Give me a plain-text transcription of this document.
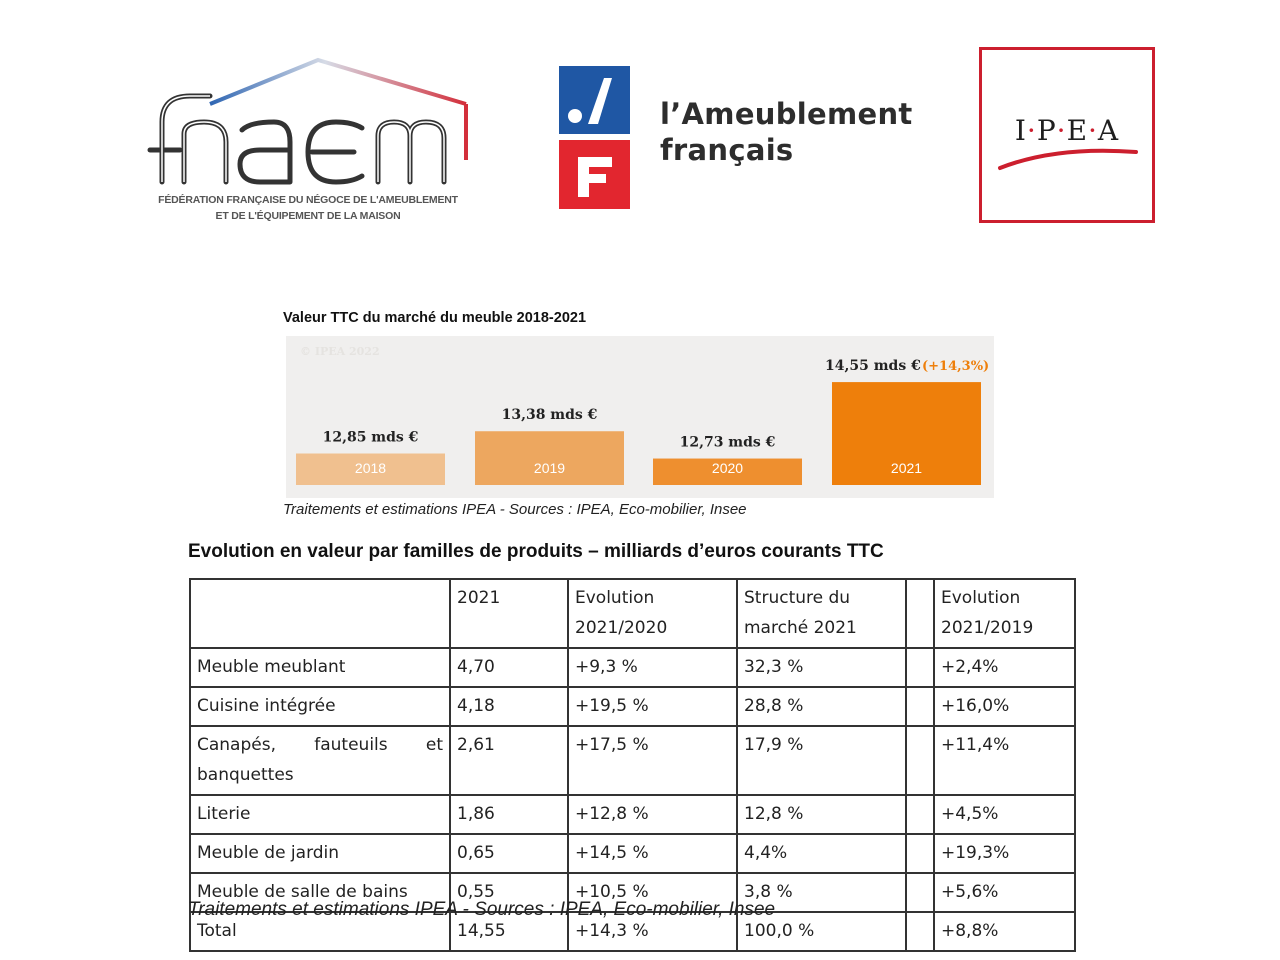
FÉDÉRATION FRANÇAISE DU NÉGOCE DE L'AMEUBLEMENT
ET DE L'ÉQUIPEMENT DE LA MAISON
l’Ameublement
français
I·P·E·A
Valeur TTC du marché du meuble 2018-2021
© IPEA 2022
2018
12,85 mds €
2019
13,38 mds €
2020
12,73 mds €
2021
14,55 mds € (+14,3%)
Traitements et estimations IPEA - Sources : IPEA, Eco-mobilier, Insee
Evolution en valeur par familles de produits – milliards d’euros courants TTC
	2021	Evolution 2021/2020	Structure du marché 2021		Evolution 2021/2019
Meuble meublant	4,70	+9,3 %	32,3 %		+2,4%
Cuisine intégrée	4,18	+19,5 %	28,8 %		+16,0%
Canapés, fauteuils et banquettes	2,61	+17,5 %	17,9 %		+11,4%
Literie	1,86	+12,8 %	12,8 %		+4,5%
Meuble de jardin	0,65	+14,5 %	4,4%		+19,3%
Meuble de salle de bains	0,55	+10,5 %	3,8 %		+5,6%
Total	14,55	+14,3 %	100,0 %		+8,8%
Traitements et estimations IPEA - Sources : IPEA, Eco-mobilier, Insee
